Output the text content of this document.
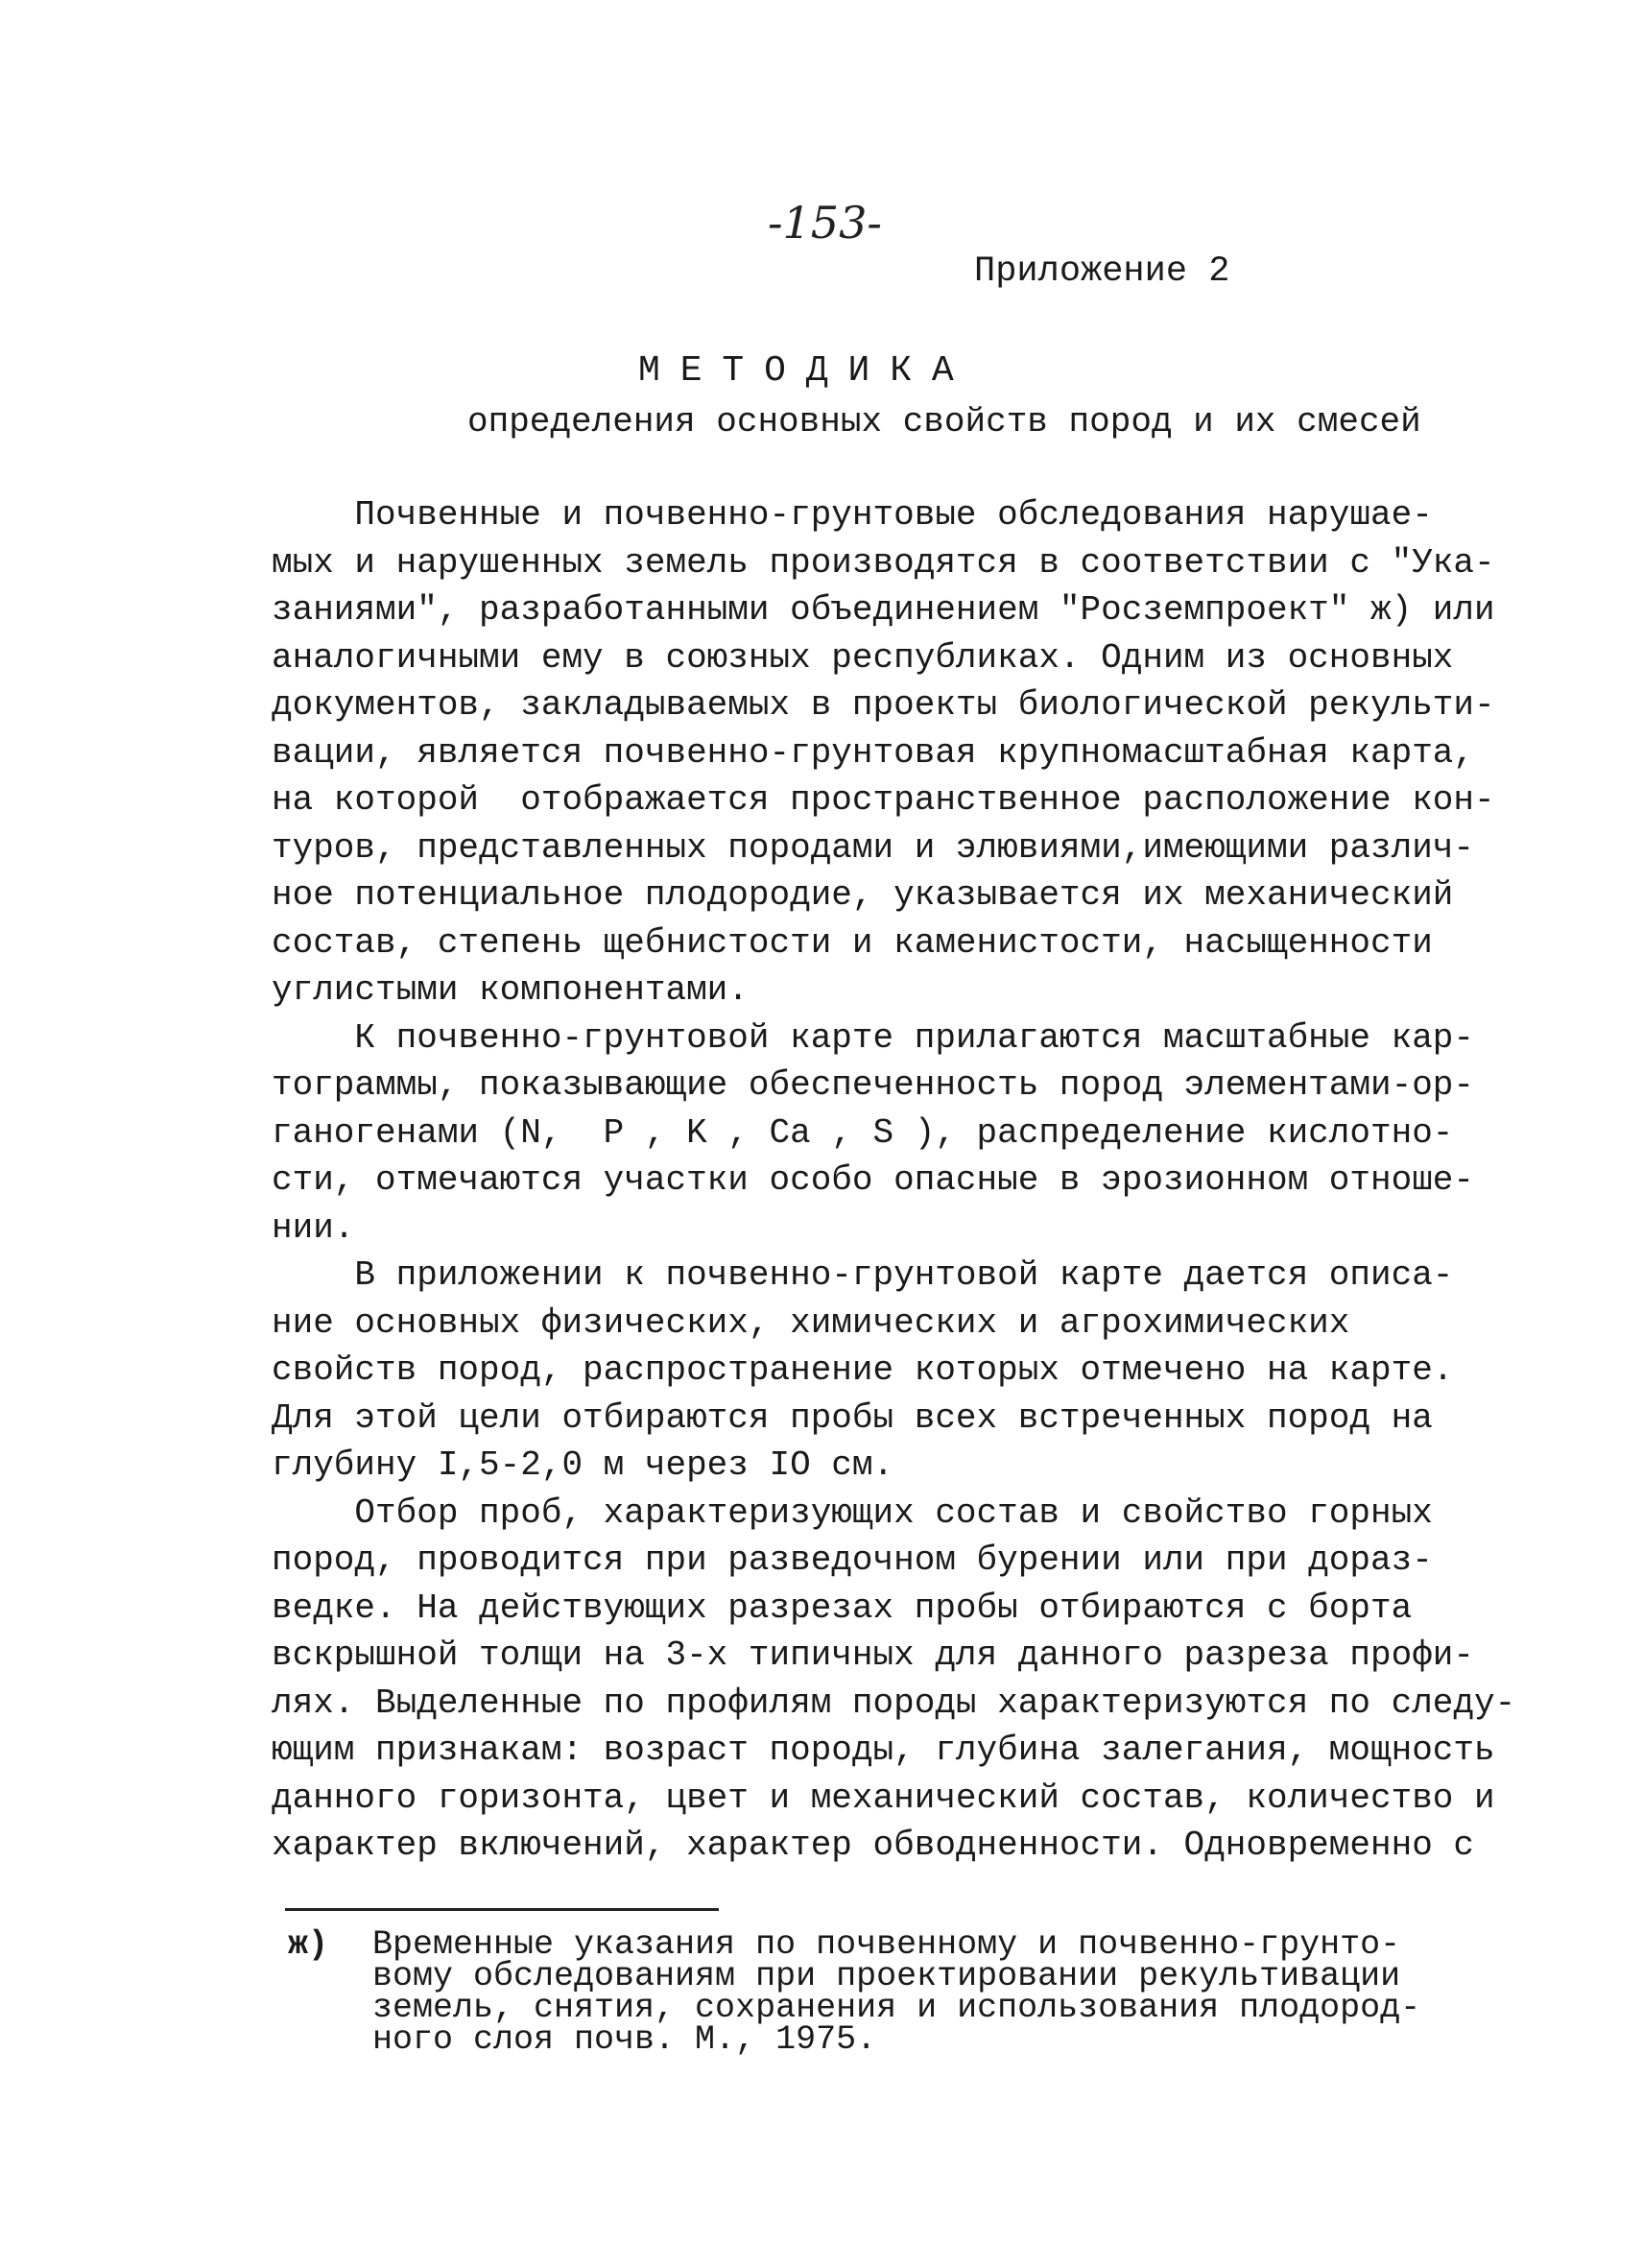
-153-
Приложение 2
МЕТОДИКА
определения основных свойств пород и их смесей
Почвенные и почвенно-грунтовые обследования нарушае-
мых и нарушенных земель производятся в соответствии с "Ука-
заниями", разработанными объединением "Росземпроект" ж) или
аналогичными ему в союзных республиках. Одним из основных
документов, закладываемых в проекты биологической рекульти-
вации, является почвенно-грунтовая крупномасштабная карта,
на которой  отображается пространственное расположение кон-
туров, представленных породами и элювиями,имеющими различ-
ное потенциальное плодородие, указывается их механический
состав, степень щебнистости и каменистости, насыщенности
углистыми компонентами.
К почвенно-грунтовой карте прилагаются масштабные кар-
тограммы, показывающие обеспеченность пород элементами-ор-
ганогенами (N,  P , K , Ca , S ), распределение кислотно-
сти, отмечаются участки особо опасные в эрозионном отноше-
нии.
В приложении к почвенно-грунтовой карте дается описа-
ние основных физических, химических и агрохимических
свойств пород, распространение которых отмечено на карте.
Для этой цели отбираются пробы всех встреченных пород на
глубину I,5-2,0 м через IO см.
Отбор проб, характеризующих состав и свойство горных
пород, проводится при разведочном бурении или при дораз-
ведке. На действующих разрезах пробы отбираются с борта
вскрышной толщи на 3-х типичных для данного разреза профи-
лях. Выделенные по профилям породы характеризуются по следу-
ющим признакам: возраст породы, глубина залегания, мощность
данного горизонта, цвет и механический состав, количество и
характер включений, характер обводненности. Одновременно с
ж) Временные указания по почвенному и почвенно-грунто-
вому обследованиям при проектировании рекультивации
земель, снятия, сохранения и использования плодород-
ного слоя почв. М., 1975.
